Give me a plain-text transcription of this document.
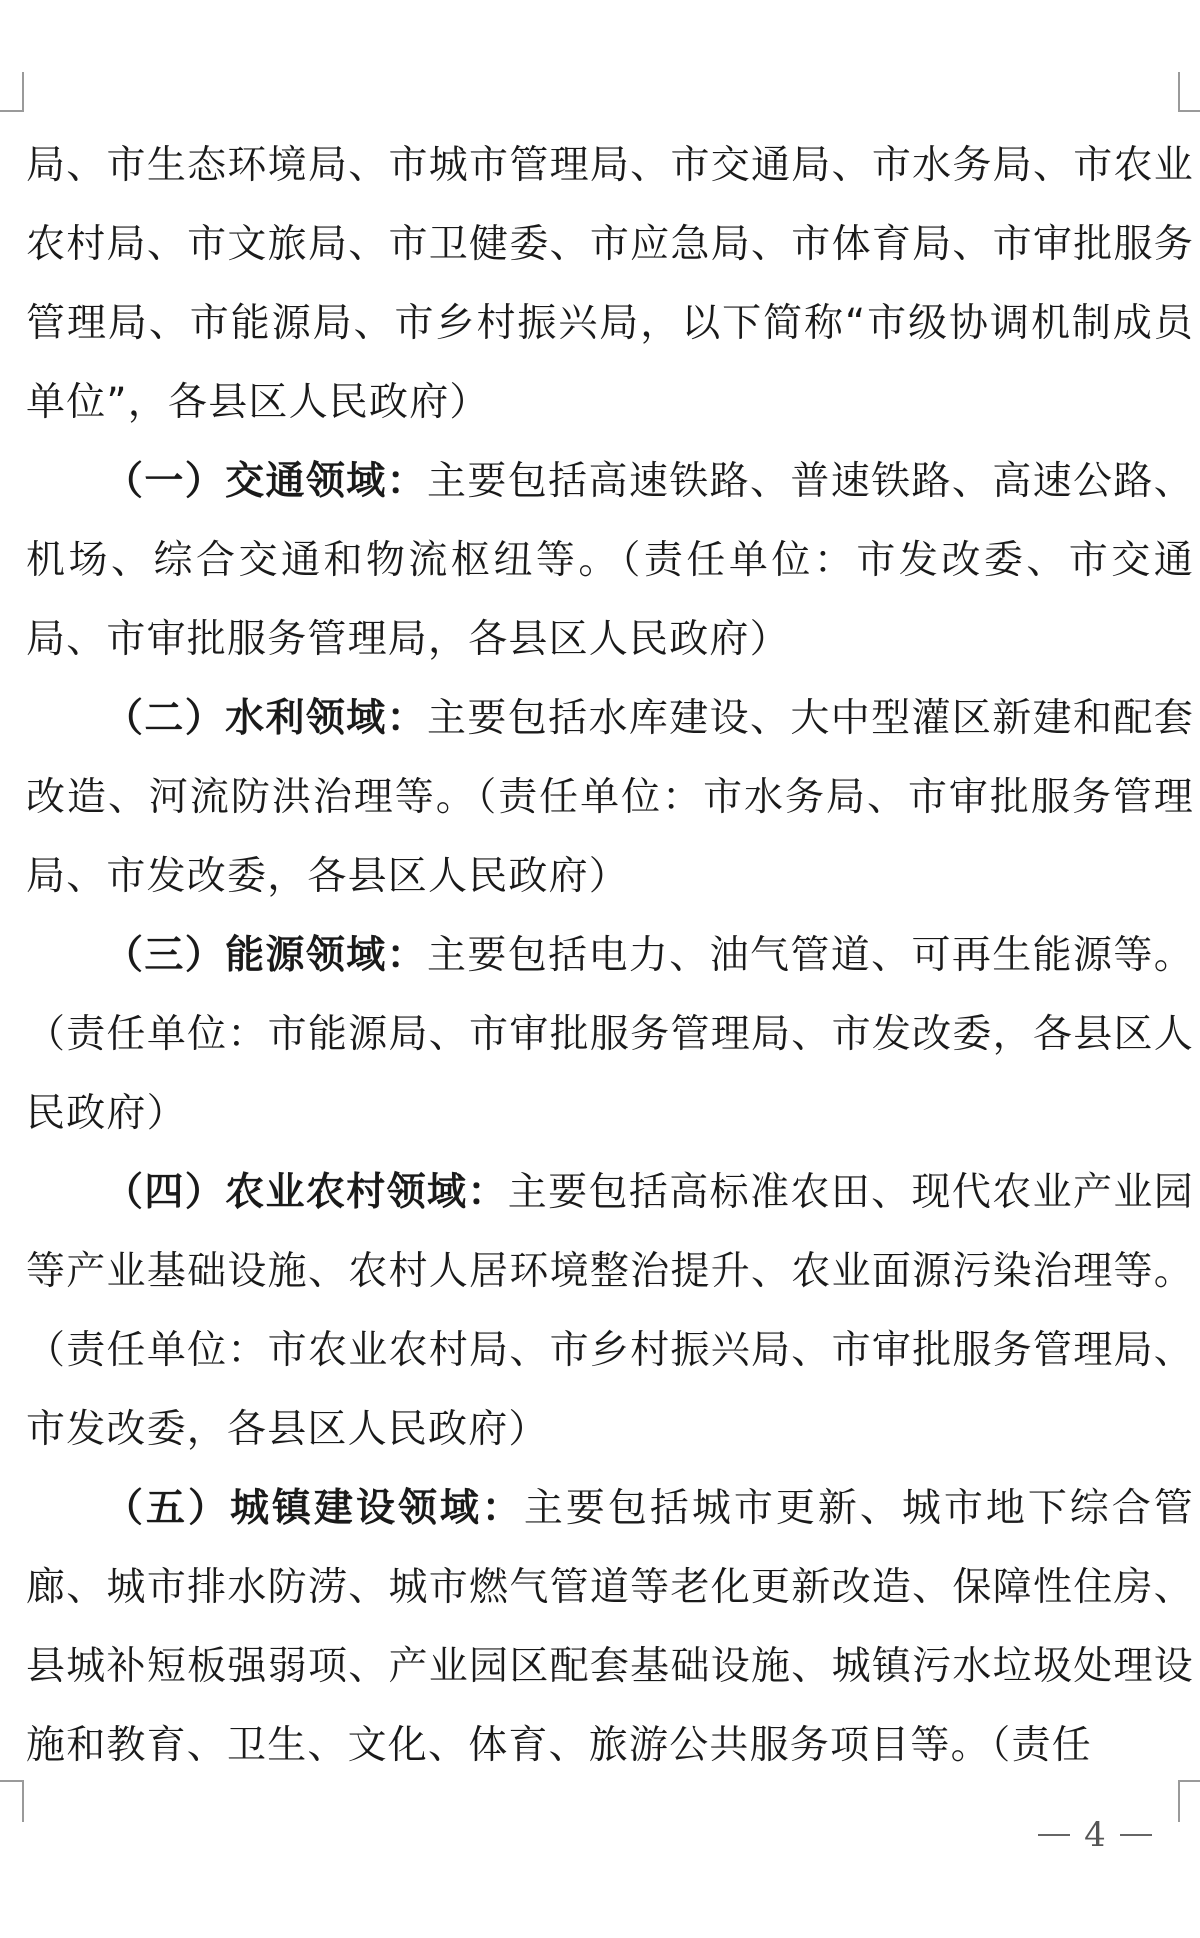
局、市生态环境局、市城市管理局、市交通局、市水务局、市农业农村局、市文旅局、市卫健委、市应急局、市体育局、市审批服务管理局、市能源局、市乡村振兴局，以下简称“市级协调机制成员单位”，各县区人民政府）

（一）交通领域：主要包括高速铁路、普速铁路、高速公路、机场、综合交通和物流枢纽等。（责任单位：市发改委、市交通局、市审批服务管理局，各县区人民政府）

（二）水利领域：主要包括水库建设、大中型灌区新建和配套改造、河流防洪治理等。（责任单位：市水务局、市审批服务管理局、市发改委，各县区人民政府）

（三）能源领域：主要包括电力、油气管道、可再生能源等。（责任单位：市能源局、市审批服务管理局、市发改委，各县区人民政府）

（四）农业农村领域：主要包括高标准农田、现代农业产业园等产业基础设施、农村人居环境整治提升、农业面源污染治理等。（责任单位：市农业农村局、市乡村振兴局、市审批服务管理局、市发改委，各县区人民政府）

（五）城镇建设领域：主要包括城市更新、城市地下综合管廊、城市排水防涝、城市燃气管道等老化更新改造、保障性住房、县城补短板强弱项、产业园区配套基础设施、城镇污水垃圾处理设施和教育、卫生、文化、体育、旅游公共服务项目等。（责任

4
